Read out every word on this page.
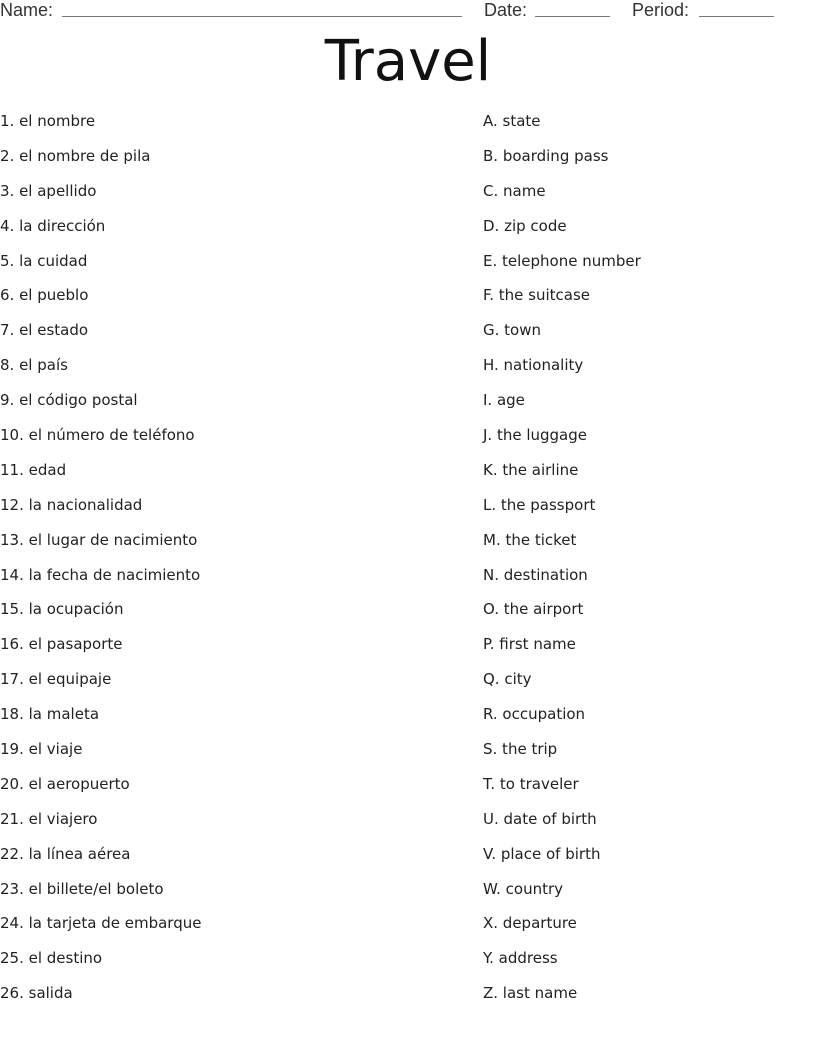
Name:	Date:	Period:
Travel
1. el nombre
2. el nombre de pila
3. el apellido
4. la dirección
5. la cuidad
6. el pueblo
7. el estado
8. el país
9. el código postal
10. el número de teléfono
11. edad
12. la nacionalidad
13. el lugar de nacimiento
14. la fecha de nacimiento
15. la ocupación
16. el pasaporte
17. el equipaje
18. la maleta
19. el viaje
20. el aeropuerto
21. el viajero
22. la línea aérea
23. el billete/el boleto
24. la tarjeta de embarque
25. el destino
26. salida
A. state
B. boarding pass
C. name
D. zip code
E. telephone number
F. the suitcase
G. town
H. nationality
I. age
J. the luggage
K. the airline
L. the passport
M. the ticket
N. destination
O. the airport
P. first name
Q. city
R. occupation
S. the trip
T. to traveler
U. date of birth
V. place of birth
W. country
X. departure
Y. address
Z. last name
